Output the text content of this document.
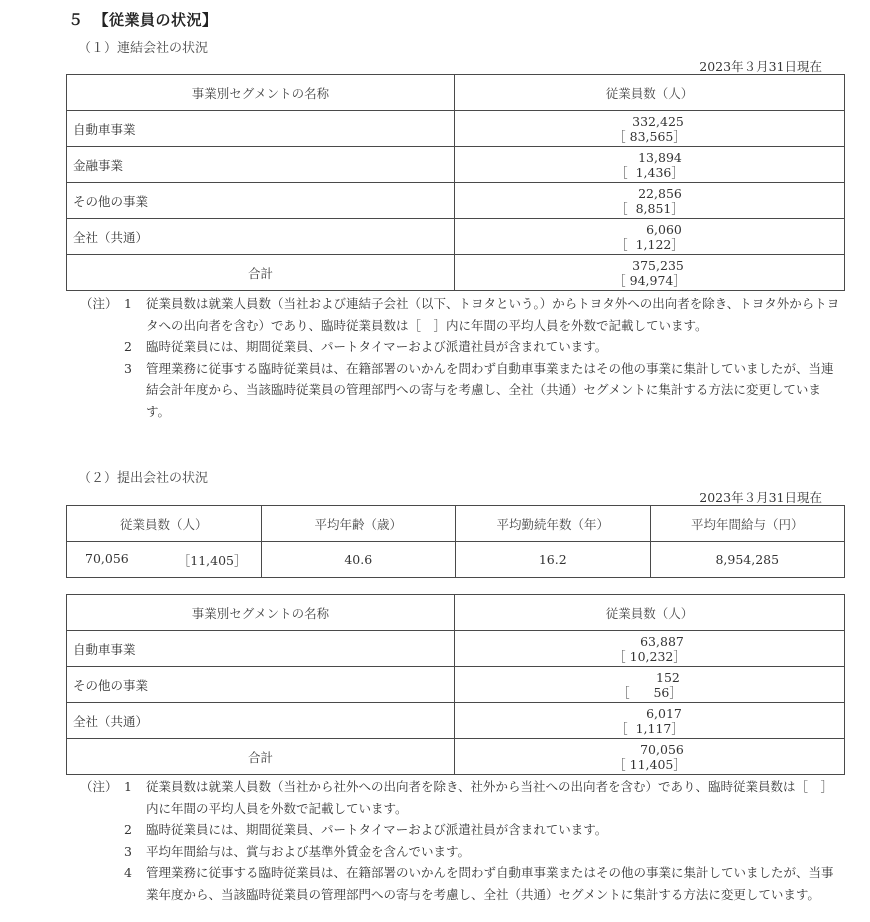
５ 【従業員の状況】
（１）連結会社の状況
2023年３月31日現在
事業別セグメントの名称	従業員数（人）
自動車事業	332,425
［ 83,565］

金融事業	13,894
［  1,436］

その他の事業	22,856
［  8,851］

全社（共通）	6,060
［  1,122］

合計	375,235
［ 94,974］
（注） 1	従業員数は就業人員数（当社および連結子会社（以下、トヨタという。）からトヨタ外への出向者を除き、トヨタ外からトヨタへの出向者を含む）であり、臨時従業員数は［　］内に年間の平均人員を外数で記載しています。
2	臨時従業員には、期間従業員、パートタイマーおよび派遣社員が含まれています。
3	管理業務に従事する臨時従業員は、在籍部署のいかんを問わず自動車事業またはその他の事業に集計していましたが、当連結会計年度から、当該臨時従業員の管理部門への寄与を考慮し、全社（共通）セグメントに集計する方法に変更しています。
（２）提出会社の状況
2023年３月31日現在
従業員数（人）	平均年齢（歳）	平均勤続年数（年）	平均年間給与（円）

70,056 ［11,405］	40.6	16.2	8,954,285
事業別セグメントの名称	従業員数（人）
自動車事業	63,887
［ 10,232］

その他の事業	152
［      56］

全社（共通）	6,017
［  1,117］

合計	70,056
［ 11,405］
（注） 1	従業員数は就業人員数（当社から社外への出向者を除き、社外から当社への出向者を含む）であり、臨時従業員数は［　］内に年間の平均人員を外数で記載しています。
2	臨時従業員には、期間従業員、パートタイマーおよび派遣社員が含まれています。
3	平均年間給与は、賞与および基準外賃金を含んでいます。
4	管理業務に従事する臨時従業員は、在籍部署のいかんを問わず自動車事業またはその他の事業に集計していましたが、当事業年度から、当該臨時従業員の管理部門への寄与を考慮し、全社（共通）セグメントに集計する方法に変更しています。
